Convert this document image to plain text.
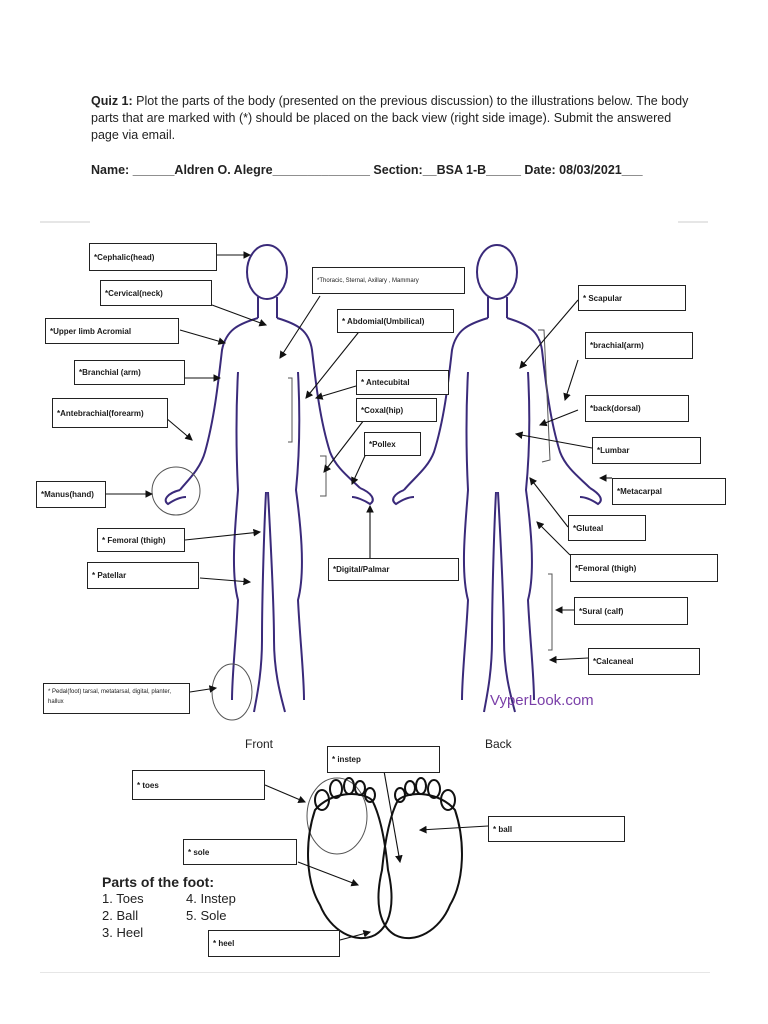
Quiz 1: Plot the parts of the body (presented on the previous discussion) to the illustrations below. The body parts that are marked with (*) should be placed on the back view (right side image). Submit the answered page via email.
Name: ______Aldren O. Alegre______________ Section:__BSA 1-B_____ Date: 08/03/2021___
*Cephalic(head)
*Cervical(neck)
*Thoracic, Sternal, Axillary , Mammary
* Abdomial(Umbilical)
*Upper limb Acromial
*Branchial (arm)
* Antecubital
*Antebrachial(forearm)	*Coxal(hip)
*Pollex
*Manus(hand)
* Femoral (thigh)
*Digital/Palmar
* Patellar
* Pedal(foot) tarsal, metatarsal, digital, planter, hallux
* Scapular
*brachial(arm)
*back(dorsal)
*Lumbar
*Metacarpal
*Gluteal
*Femoral (thigh)
*Sural (calf)
*Calcaneal
* instep
* toes
* ball
* sole
* heel
Front	Back
VyperLook.com
Parts of the foot:
1. Toes
2. Ball
3. Heel
4. Instep
5. Sole
